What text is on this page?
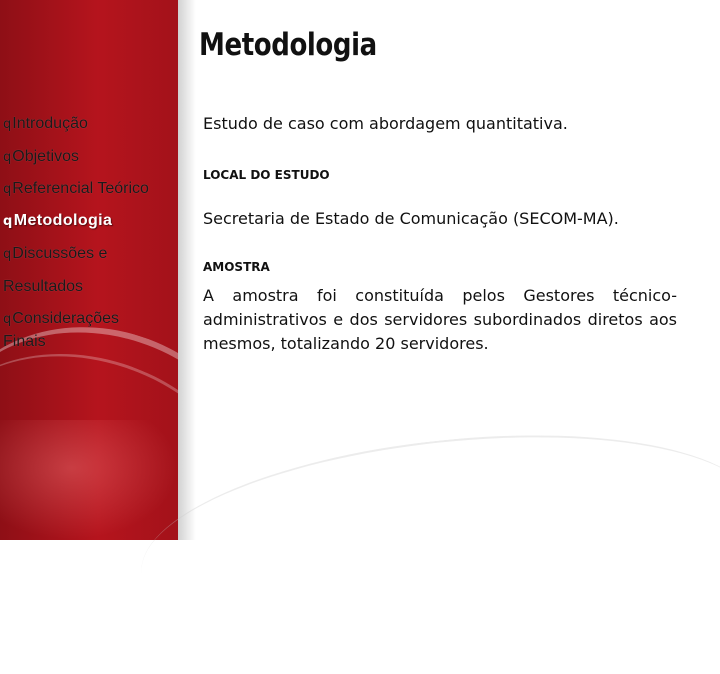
Metodologia
qIntrodução
qObjetivos
qReferencial Teórico
qMetodologia
qDiscussões e
Resultados
qConsiderações
Finais
Estudo de caso com abordagem quantitativa.
LOCAL DO ESTUDO
Secretaria de Estado de Comunicação (SECOM-MA).
AMOSTRA
A amostra foi constituída pelos Gestores técnico-administrativos e dos servidores subordinados diretos aos mesmos, totalizando 20 servidores.
